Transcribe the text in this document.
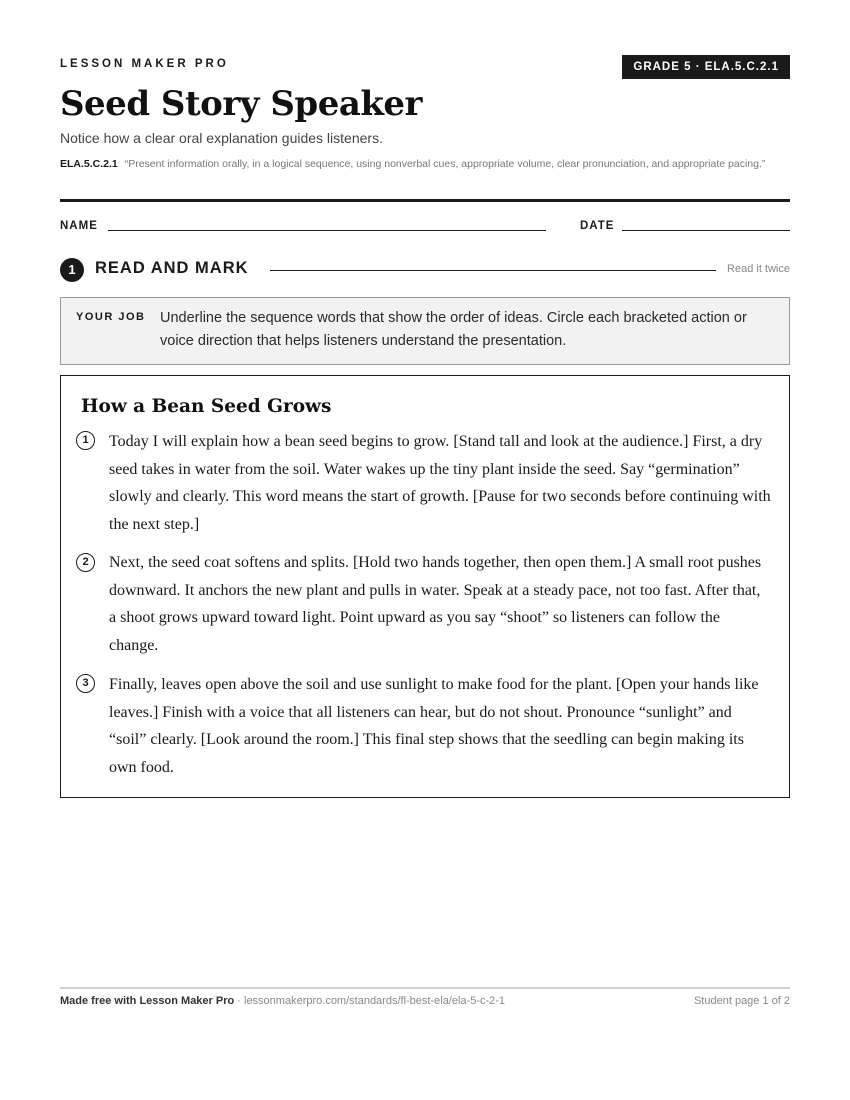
LESSON MAKER PRO	GRADE 5 · ELA.5.C.2.1
Seed Story Speaker
Notice how a clear oral explanation guides listeners.
ELA.5.C.2.1 “Present information orally, in a logical sequence, using nonverbal cues, appropriate volume, clear pronunciation, and appropriate pacing.”
NAME	DATE
1	READ AND MARK	Read it twice
YOUR JOB Underline the sequence words that show the order of ideas. Circle each bracketed action or voice direction that helps listeners understand the presentation.
How a Bean Seed Grows
1	Today I will explain how a bean seed begins to grow. [Stand tall and look at the audience.] First, a dry seed takes in water from the soil. Water wakes up the tiny plant inside the seed. Say “germination” slowly and clearly. This word means the start of growth. [Pause for two seconds before continuing with the next step.]

2	Next, the seed coat softens and splits. [Hold two hands together, then open them.] A small root pushes downward. It anchors the new plant and pulls in water. Speak at a steady pace, not too fast. After that, a shoot grows upward toward light. Point upward as you say “shoot” so listeners can follow the change.

3	Finally, leaves open above the soil and use sunlight to make food for the plant. [Open your hands like leaves.] Finish with a voice that all listeners can hear, but do not shout. Pronounce “sunlight” and “soil” clearly. [Look around the room.] This final step shows that the seedling can begin making its own food.

Made free with Lesson Maker Pro · lessonmakerpro.com/standards/fl-best-ela/ela-5-c-2-1	Student page 1 of 2
